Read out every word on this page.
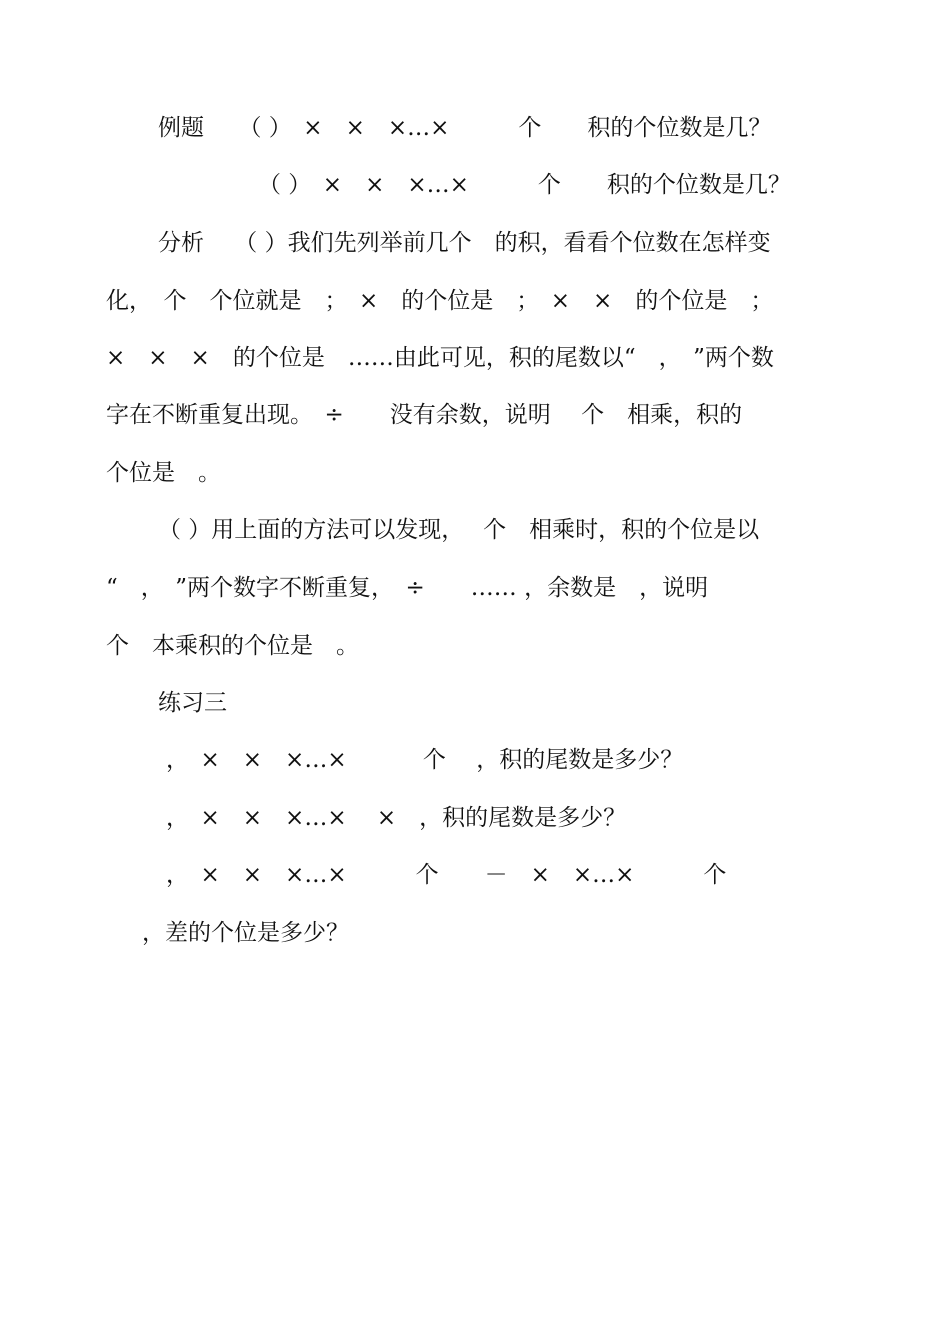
例题　　（ ）　×　×　×…×　　　个　　积的个位数是几？
（ ）　×　×　×…×　　　个　　积的个位数是几？
分析　 （ ）我们先列举前几个　的积，看看个位数在怎样变
化，　个　个位就是　；　×　的个位是　；　×　×　的个位是　；
×　×　×　的个位是　……由此可见，积的尾数以“　，　”两个数
字在不断重复出现。　÷　　没有余数，说明　 个　相乘，积的
个位是　。
（ ）用上面的方法可以发现，　 个　相乘时，积的个位是以
“　，　”两个数字不断重复，　÷　　…… ，余数是　，说明
个　本乘积的个位是　。
练习三
，　×　×　×…×　　　 个　 ，积的尾数是多少？
，　×　×　×…×　 ×　，积的尾数是多少？
，　×　×　×…×　　　个　　－　×　×…×　　　个
，差的个位是多少？
